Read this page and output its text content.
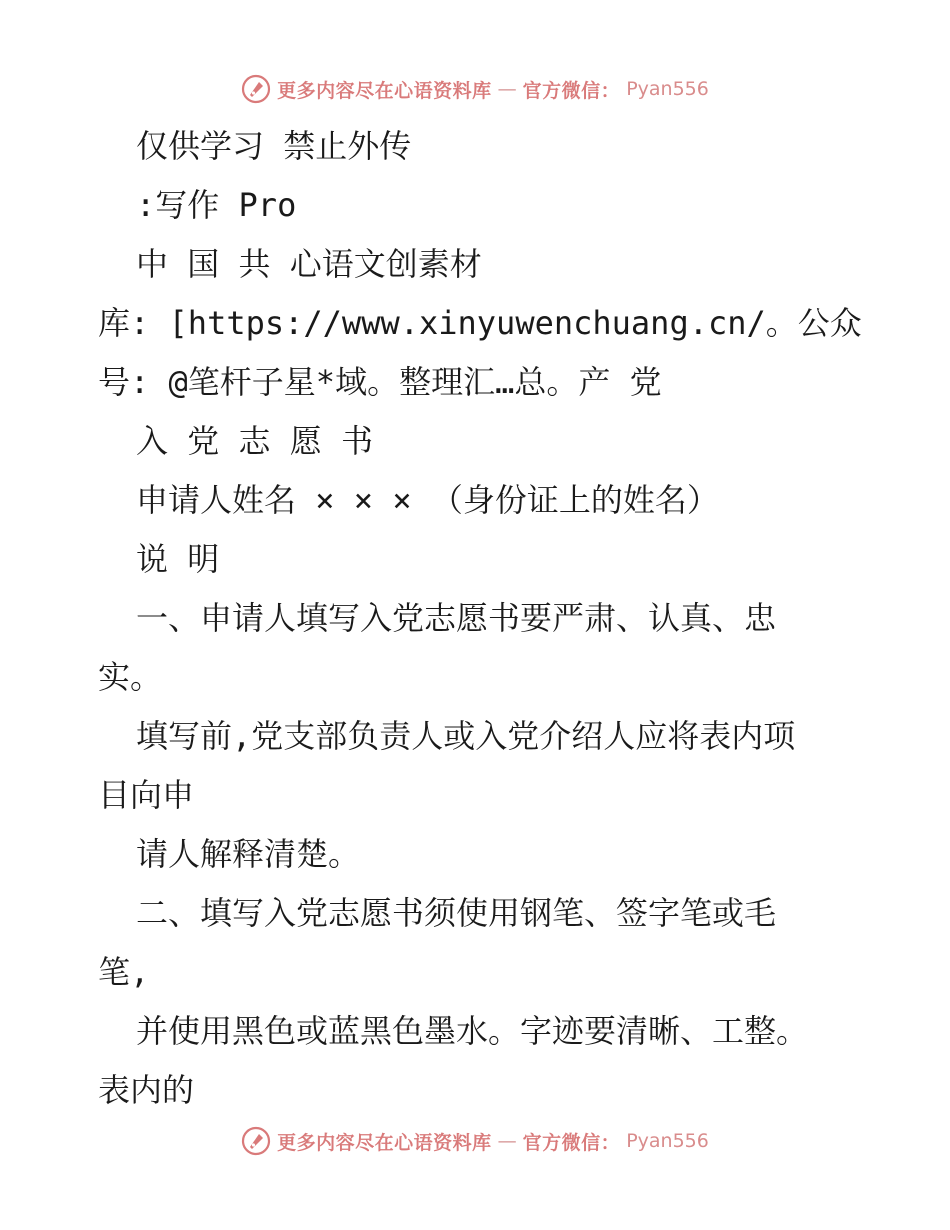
更多内容尽在心语资料库 — 官方微信： Pyan556
仅供学习 禁止外传
:写作 Pro
中 国 共 心语文创素材
库: [https://www.xinyuwenchuang.cn/。公众
号: @笔杆子星*域。整理汇…总。产 党
入 党 志 愿 书
申请人姓名 × × × （身份证上的姓名）
说 明
一、申请人填写入党志愿书要严肃、认真、忠
实。
填写前,党支部负责人或入党介绍人应将表内项
目向申
请人解释清楚。
二、填写入党志愿书须使用钢笔、签字笔或毛
笔,
并使用黑色或蓝黑色墨水。字迹要清晰、工整。
表内的
更多内容尽在心语资料库 — 官方微信： Pyan556
